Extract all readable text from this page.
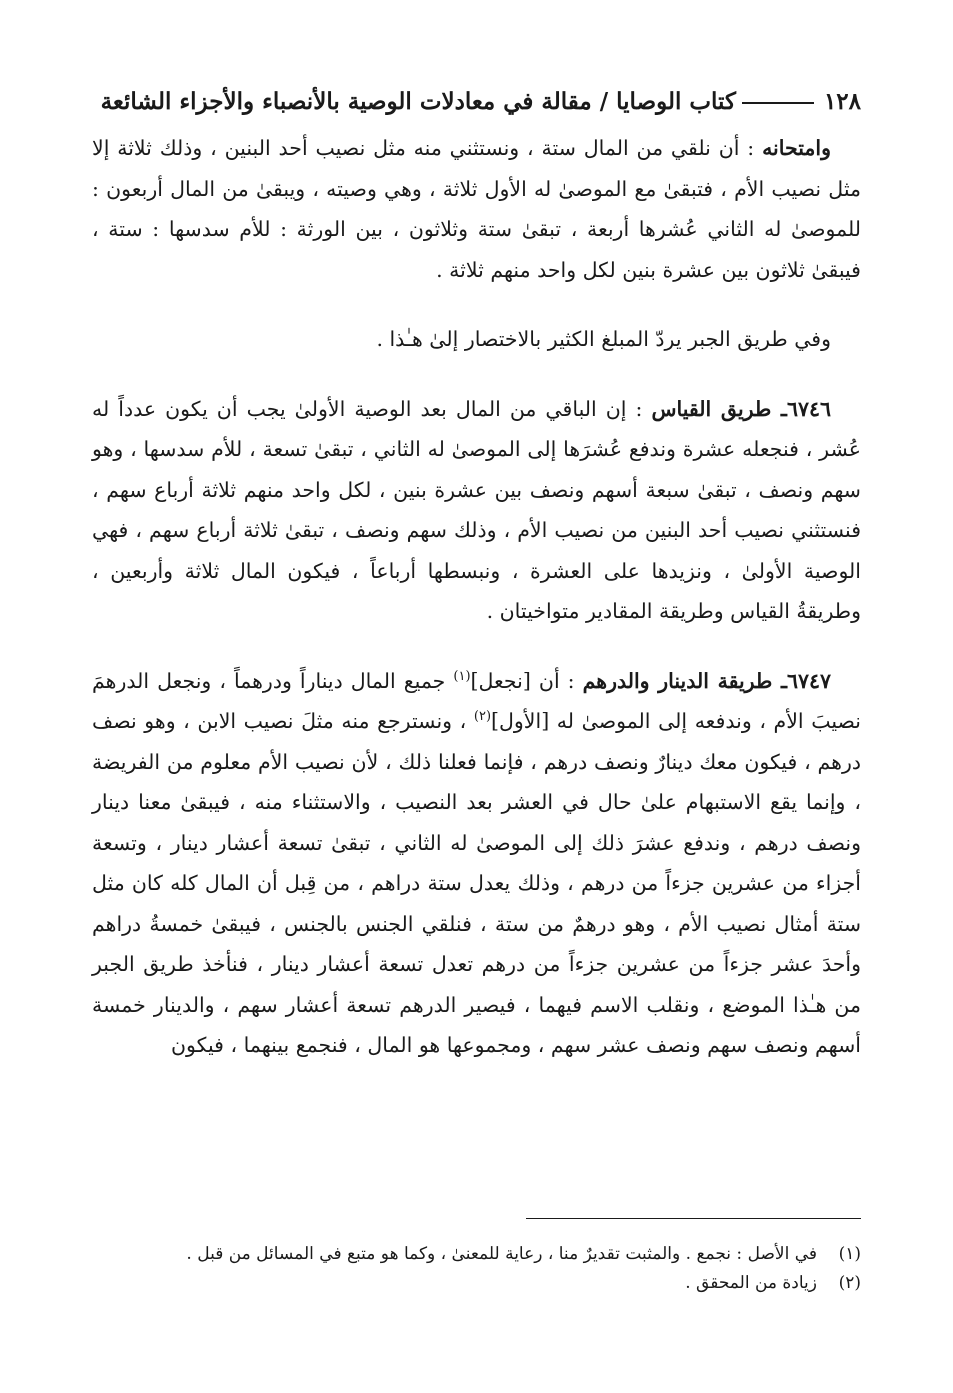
١٢٨
كتاب الوصايا / مقالة في معادلات الوصية بالأنصباء والأجزاء الشائعة

وامتحانه : أن نلقي من المال ستة ، ونستثني منه مثل نصيب أحد البنين ، وذلك ثلاثة إلا مثل نصيب الأم ، فتبقىٰ مع الموصىٰ له الأول ثلاثة ، وهي وصيته ، ويبقىٰ من المال أربعون : للموصىٰ له الثاني عُشرها أربعة ، تبقىٰ ستة وثلاثون ، بين الورثة : للأم سدسها : ستة ، فيبقىٰ ثلاثون بين عشرة بنين لكل واحد منهم ثلاثة .

وفي طريق الجبر يردّ المبلغ الكثير بالاختصار إلىٰ هـٰذا .

٦٧٤٦ـ طريق القياس : إن الباقي من المال بعد الوصية الأولىٰ يجب أن يكون عدداً له عُشر ، فنجعله عشرة وندفع عُشرَها إلى الموصىٰ له الثاني ، تبقىٰ تسعة ، للأم سدسها ، وهو سهم ونصف ، تبقىٰ سبعة أسهم ونصف بين عشرة بنين ، لكل واحد منهم ثلاثة أرباع سهم ، فنستثني نصيب أحد البنين من نصيب الأم ، وذلك سهم ونصف ، تبقىٰ ثلاثة أرباع سهم ، فهي الوصية الأولىٰ ، ونزيدها على العشرة ، ونبسطها أرباعاً ، فيكون المال ثلاثة وأربعين ، وطريقةُ القياس وطريقة المقادير متواخيتان .

٦٧٤٧ـ طريقة الدينار والدرهم : أن [نجعل]$^{(١)}$ جميع المال ديناراً ودرهماً ، ونجعل الدرهمَ نصيبَ الأم ، وندفعه إلى الموصىٰ له [الأول]$^{(٢)}$ ، ونسترجع منه مثلَ نصيب الابن ، وهو نصف درهم ، فيكون معك دينارٌ ونصف درهم ، فإنما فعلنا ذلك ، لأن نصيب الأم معلوم من الفريضة ، وإنما يقع الاستبهام علىٰ حال في العشر بعد النصيب ، والاستثناء منه ، فيبقىٰ معنا دينار ونصف درهم ، وندفع عشرَ ذلك إلى الموصىٰ له الثاني ، تبقىٰ تسعة أعشار دينار ، وتسعة أجزاء من عشرين جزءاً من درهم ، وذلك يعدل ستة دراهم ، من قِبل أن المال كله كان مثل ستة أمثال نصيب الأم ، وهو درهمٌ من ستة ، فنلقي الجنس بالجنس ، فيبقىٰ خمسةُ دراهم وأحدَ عشر جزءاً من عشرين جزءاً من درهم تعدل تسعة أعشار دينار ، فنأخذ طريق الجبر من هـٰذا الموضع ، ونقلب الاسم فيهما ، فيصير الدرهم تسعة أعشار سهم ، والدينار خمسة أسهم ونصف سهم ونصف عشر سهم ، ومجموعها هو المال ، فنجمع بينهما ، فيكون

(١)
في الأصل : نجمع . والمثبت تقديرٌ منا ، رعاية للمعنىٰ ، وكما هو متبع في المسائل من قبل .
(٢)
زيادة من المحقق .
